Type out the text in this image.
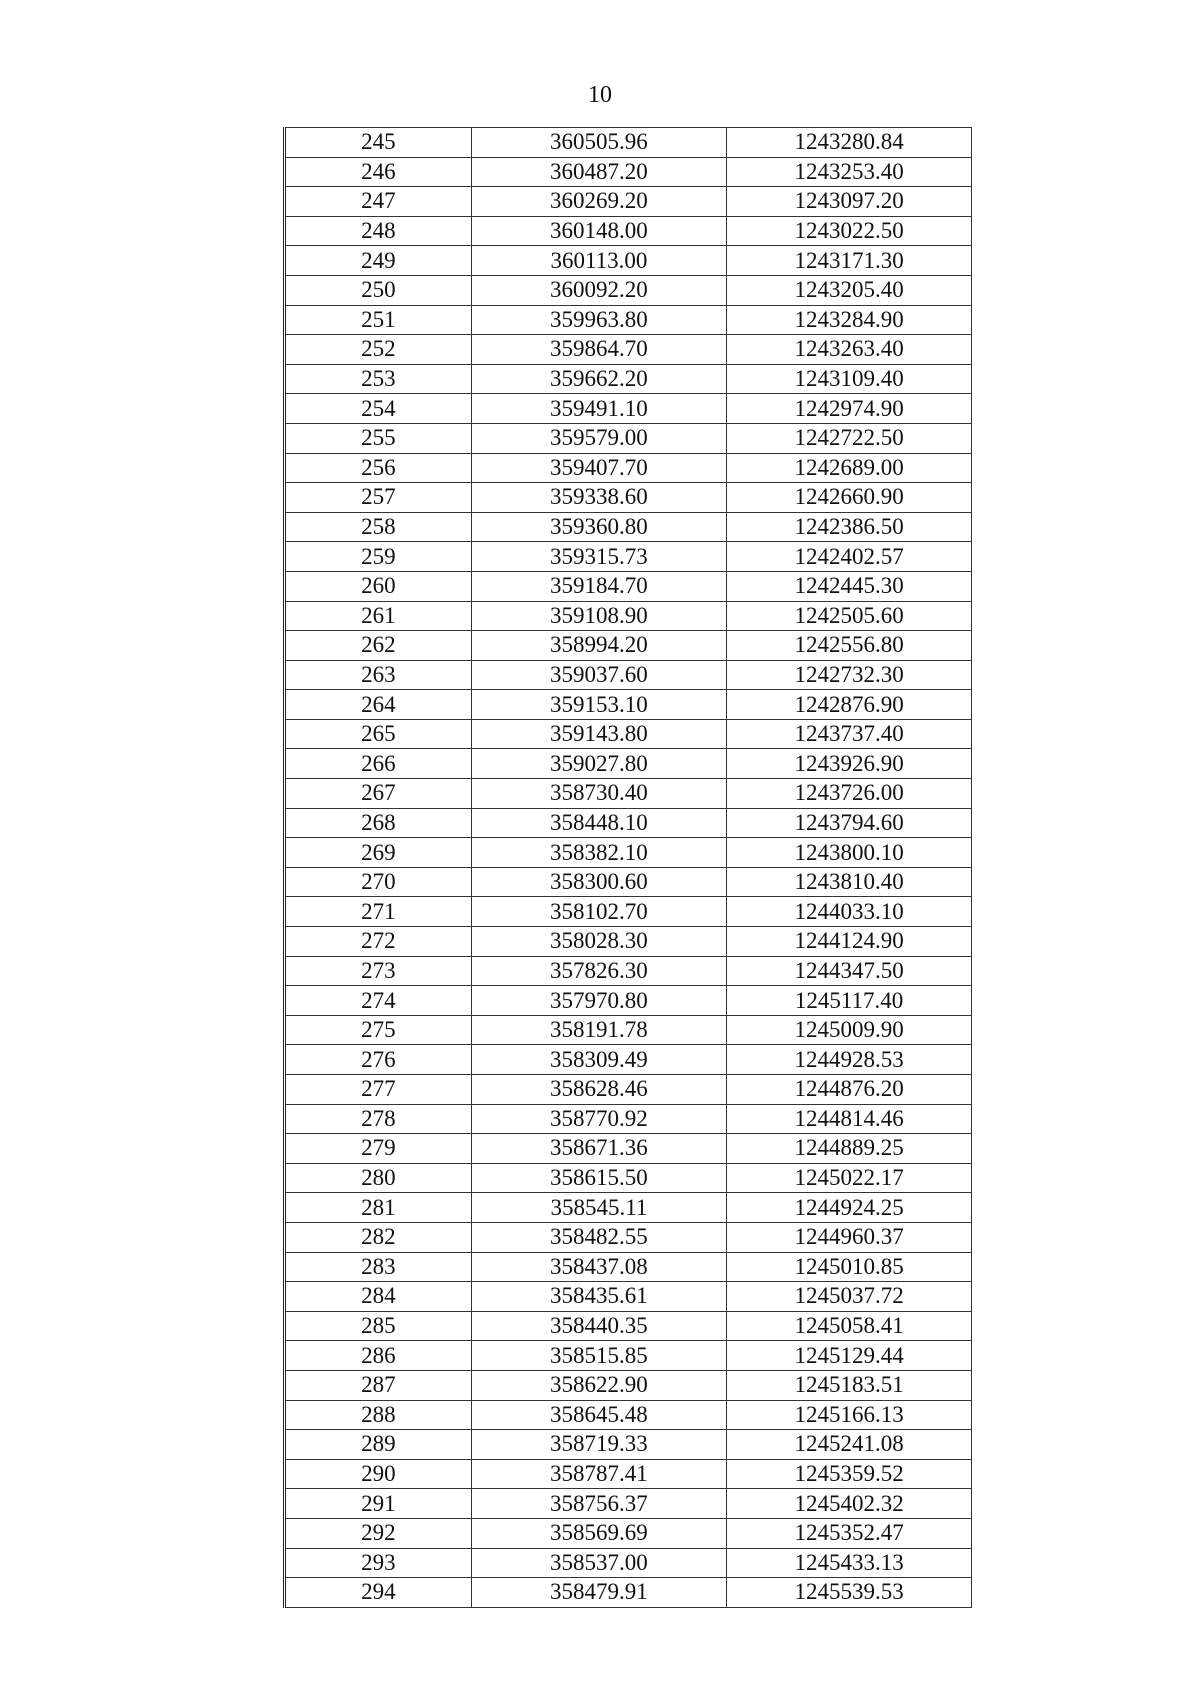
10
245	360505.96	1243280.84
246	360487.20	1243253.40
247	360269.20	1243097.20
248	360148.00	1243022.50
249	360113.00	1243171.30
250	360092.20	1243205.40
251	359963.80	1243284.90
252	359864.70	1243263.40
253	359662.20	1243109.40
254	359491.10	1242974.90
255	359579.00	1242722.50
256	359407.70	1242689.00
257	359338.60	1242660.90
258	359360.80	1242386.50
259	359315.73	1242402.57
260	359184.70	1242445.30
261	359108.90	1242505.60
262	358994.20	1242556.80
263	359037.60	1242732.30
264	359153.10	1242876.90
265	359143.80	1243737.40
266	359027.80	1243926.90
267	358730.40	1243726.00
268	358448.10	1243794.60
269	358382.10	1243800.10
270	358300.60	1243810.40
271	358102.70	1244033.10
272	358028.30	1244124.90
273	357826.30	1244347.50
274	357970.80	1245117.40
275	358191.78	1245009.90
276	358309.49	1244928.53
277	358628.46	1244876.20
278	358770.92	1244814.46
279	358671.36	1244889.25
280	358615.50	1245022.17
281	358545.11	1244924.25
282	358482.55	1244960.37
283	358437.08	1245010.85
284	358435.61	1245037.72
285	358440.35	1245058.41
286	358515.85	1245129.44
287	358622.90	1245183.51
288	358645.48	1245166.13
289	358719.33	1245241.08
290	358787.41	1245359.52
291	358756.37	1245402.32
292	358569.69	1245352.47
293	358537.00	1245433.13
294	358479.91	1245539.53
